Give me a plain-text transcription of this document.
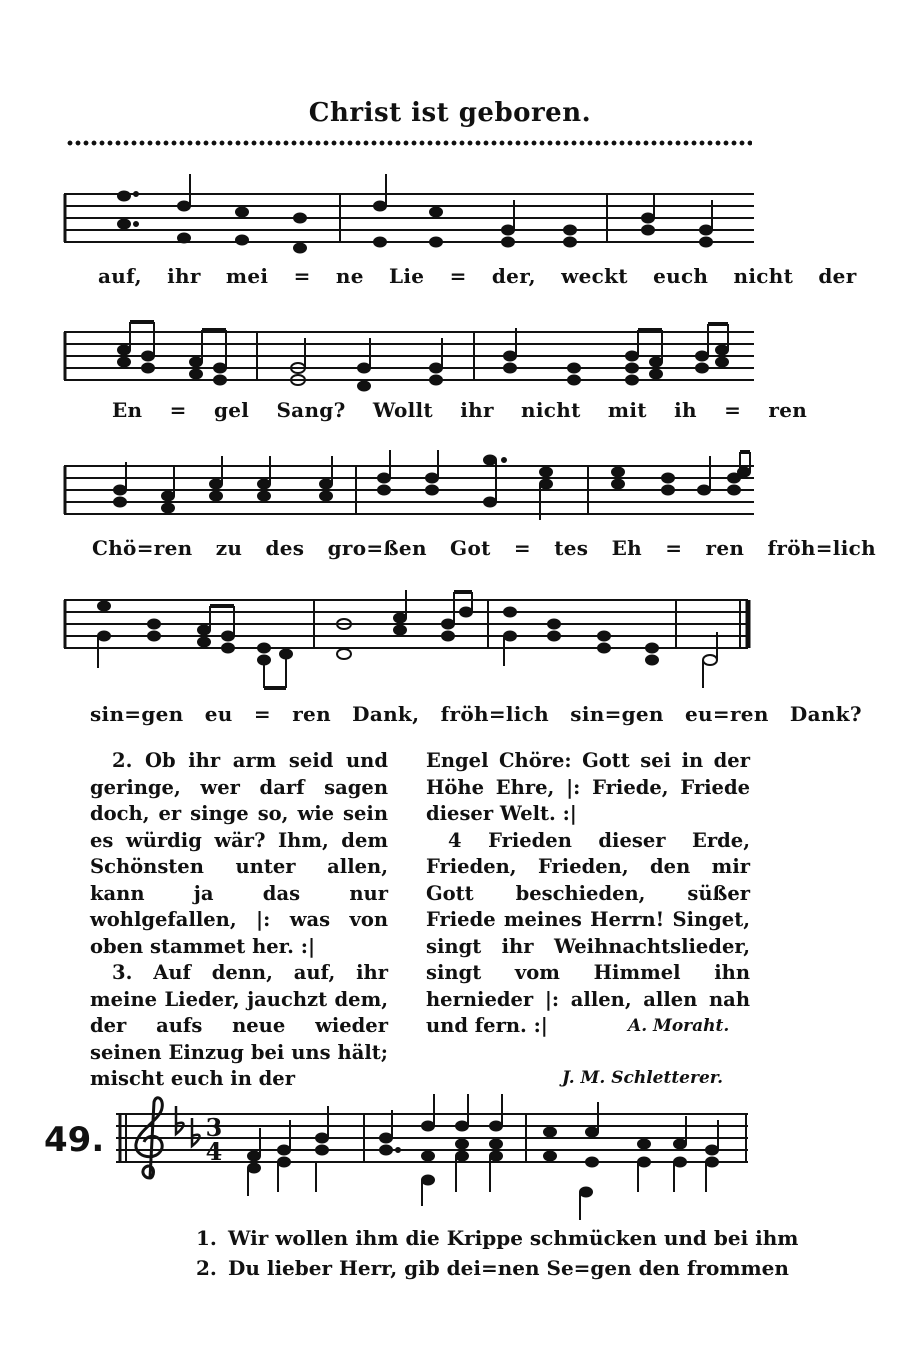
Christ ist geboren.
auf, ihr mei = ne Lie = der, weckt euch nicht der
En = gel Sang? Wollt ihr nicht mit ih = ren
Chö=ren zu des gro=ßen Got = tes Eh = ren fröh=lich
sin=gen eu = ren Dank, fröh=lich sin=gen eu=ren Dank?

2. Ob ihr arm seid und geringe, wer darf sagen doch, er singe so, wie sein es würdig wär? Ihm, dem Schönsten unter allen, kann ja das nur wohlgefallen, |: was von oben stammet her. :|

3. Auf denn, auf, ihr meine Lieder, jauchzt dem, der aufs neue wieder seinen Einzug bei uns hält; mischt euch in der

Engel Chöre: Gott sei in der Höhe Ehre, |: Friede, Friede dieser Welt. :|

4 Frieden dieser Erde, Frieden, Frieden, den mir Gott beschieden, süßer Friede meines Herrn! Singet, singt ihr Weihnachtslieder, singt vom Himmel ihn hernieder |: allen, allen nah und fern. :|	A. Moraht.
J. M. Schletterer.
49.	3
4
1. Wir wollen ihm die Krippe schmücken und bei ihm
2. Du lieber Herr, gib dei=nen Se=gen den frommen
